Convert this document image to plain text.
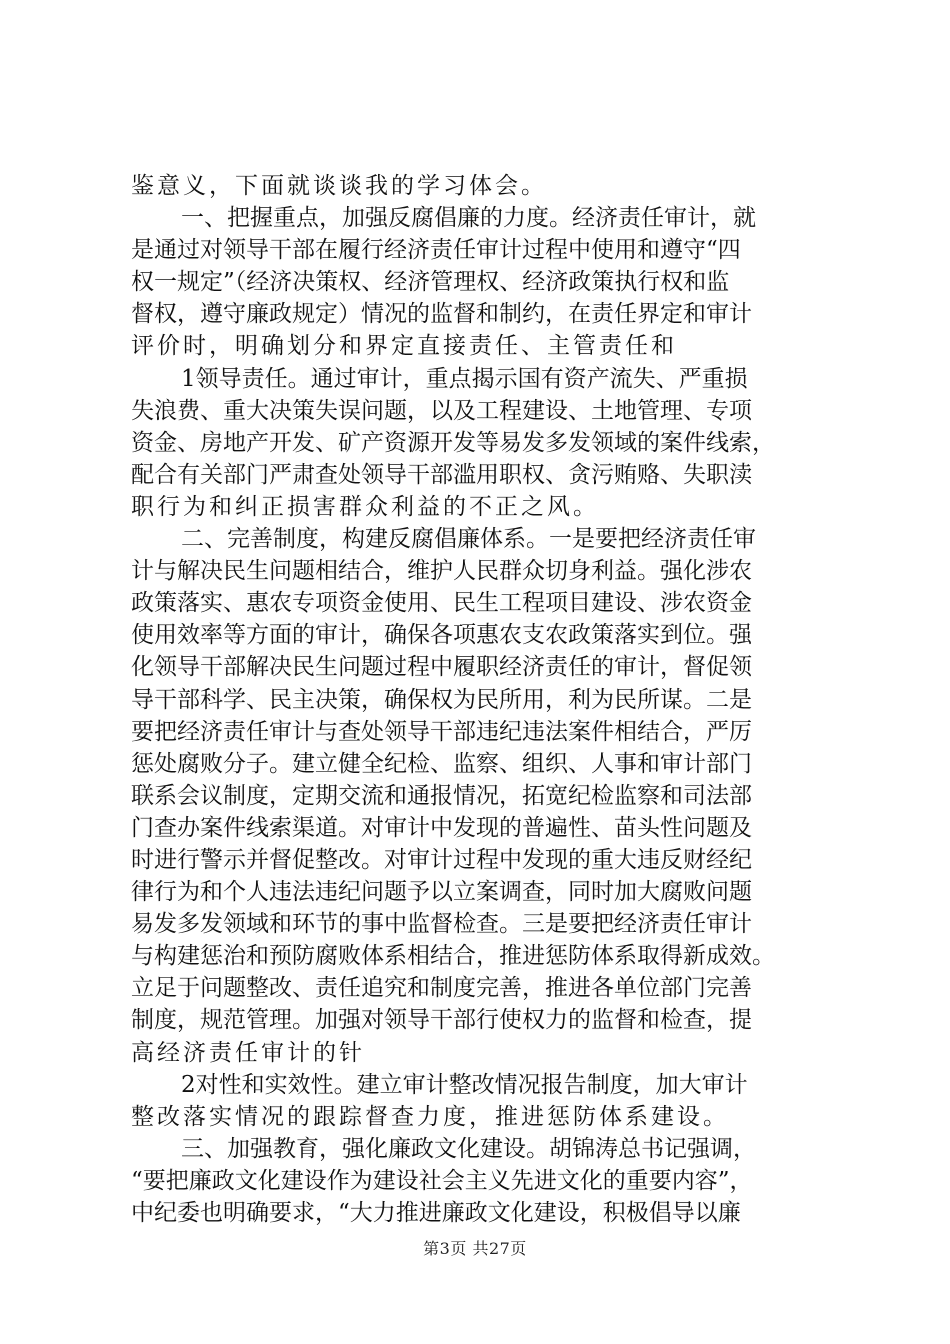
鉴意义，下面就谈谈我的学习体会。
一、把握重点，加强反腐倡廉的力度。经济责任审计，就
是通过对领导干部在履行经济责任审计过程中使用和遵守“四
权一规定”（经济决策权、经济管理权、经济政策执行权和监
督权，遵守廉政规定）情况的监督和制约，在责任界定和审计
评价时，明确划分和界定直接责任、主管责任和
1领导责任。通过审计，重点揭示国有资产流失、严重损
失浪费、重大决策失误问题，以及工程建设、土地管理、专项
资金、房地产开发、矿产资源开发等易发多发领域的案件线索，
配合有关部门严肃查处领导干部滥用职权、贪污贿赂、失职渎
职行为和纠正损害群众利益的不正之风。
二、完善制度，构建反腐倡廉体系。一是要把经济责任审
计与解决民生问题相结合，维护人民群众切身利益。强化涉农
政策落实、惠农专项资金使用、民生工程项目建设、涉农资金
使用效率等方面的审计，确保各项惠农支农政策落实到位。强
化领导干部解决民生问题过程中履职经济责任的审计，督促领
导干部科学、民主决策，确保权为民所用，利为民所谋。二是
要把经济责任审计与查处领导干部违纪违法案件相结合，严厉
惩处腐败分子。建立健全纪检、监察、组织、人事和审计部门
联系会议制度，定期交流和通报情况，拓宽纪检监察和司法部
门查办案件线索渠道。对审计中发现的普遍性、苗头性问题及
时进行警示并督促整改。对审计过程中发现的重大违反财经纪
律行为和个人违法违纪问题予以立案调查，同时加大腐败问题
易发多发领域和环节的事中监督检查。三是要把经济责任审计
与构建惩治和预防腐败体系相结合，推进惩防体系取得新成效。
立足于问题整改、责任追究和制度完善，推进各单位部门完善
制度，规范管理。加强对领导干部行使权力的监督和检查，提
高经济责任审计的针
2对性和实效性。建立审计整改情况报告制度，加大审计
整改落实情况的跟踪督查力度，推进惩防体系建设。
三、加强教育，强化廉政文化建设。胡锦涛总书记强调，
“要把廉政文化建设作为建设社会主义先进文化的重要内容”，
中纪委也明确要求，“大力推进廉政文化建设，积极倡导以廉
第3页 共27页
